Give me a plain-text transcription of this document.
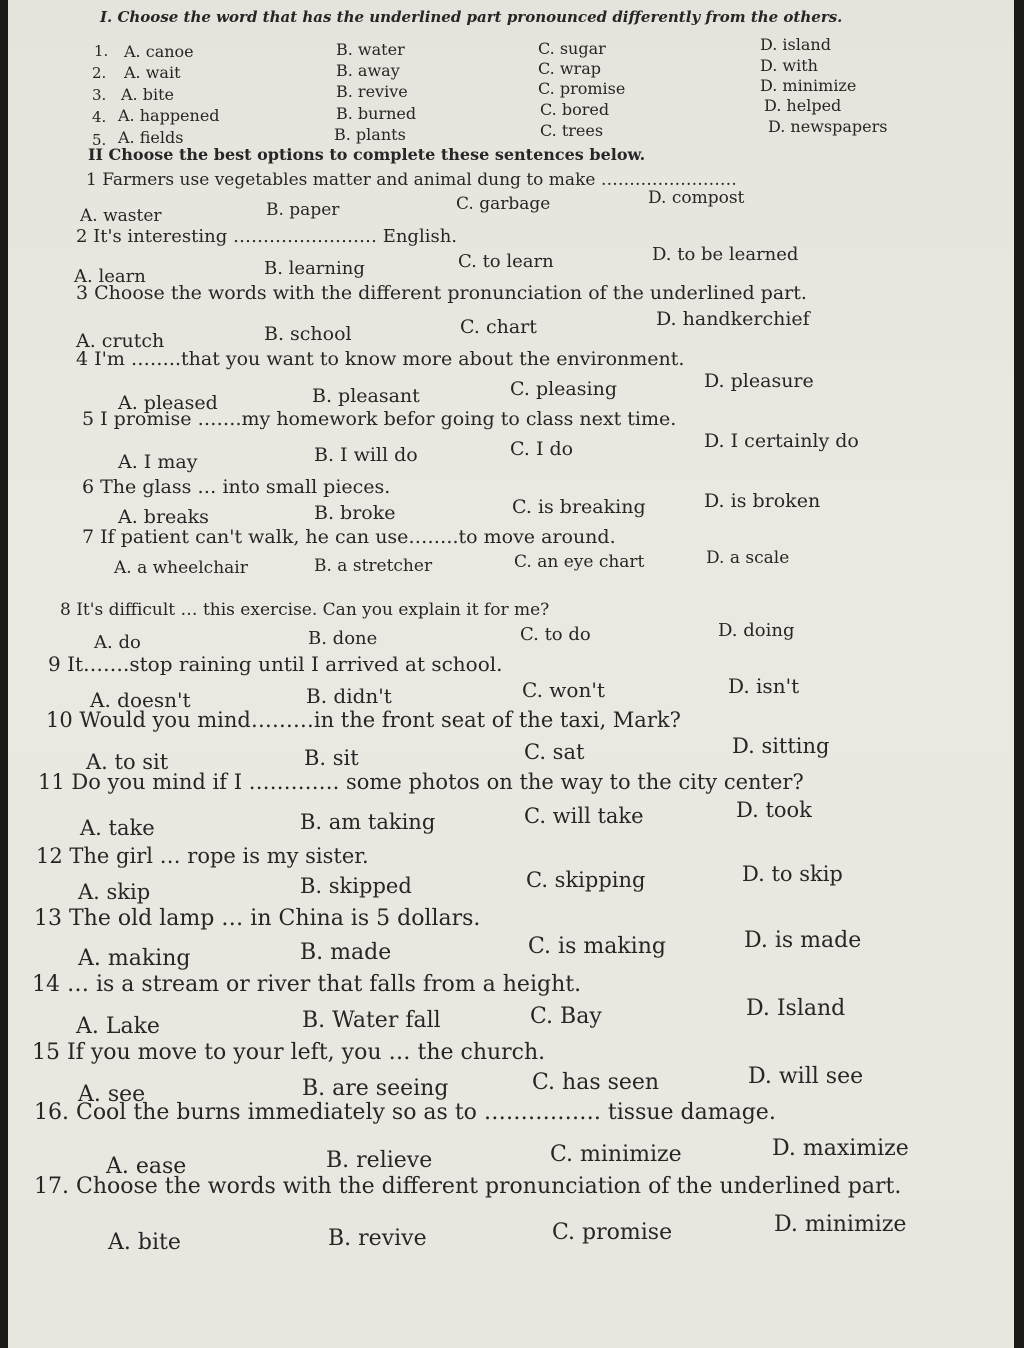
I. Choose the word that has the underlined part pronounced differently from the others.
1. A. canoe	B. water	C. sugar	D. island
2. A. wait	B. away	C. wrap	D. with
3. A. bite	B. revive	C. promise	D. minimize
4. A. happened	B. burned	C. bored	D. helped
5. A. fields	B. plants	C. trees	D. newspapers
II Choose the best options to complete these sentences below.
1 Farmers use vegetables matter and animal dung to make ……………………
A. waster	B. paper	C. garbage	D. compost
2 It's interesting …………………… English.
A. learn	B. learning	C. to learn	D. to be learned
3 Choose the words with the different pronunciation of the underlined part.
A. crutch	B. school	C. chart	D. handkerchief
4 I'm ……..that you want to know more about the environment.
A. pleased	B. pleasant	C. pleasing	D. pleasure
5 I promise …….my homework befor going to class next time.
A. I may	B. I will do	C. I do	D. I certainly do
6 The glass … into small pieces.
A. breaks	B. broke	C. is breaking	D. is broken
7 If patient can't walk, he can use……..to move around.
A. a wheelchair	B. a stretcher	C. an eye chart	D. a scale
8 It's difficult … this exercise. Can you explain it for me?
A. do	B. done	C. to do	D. doing
9 It…….stop raining until I arrived at school.
A. doesn't	B. didn't	C. won't	D. isn't
10 Would you mind………in the front seat of the taxi, Mark?
A. to sit	B. sit	C. sat	D. sitting
11 Do you mind if I …………. some photos on the way to the city center?
A. take	B. am taking	C. will take	D. took
12 The girl … rope is my sister.
A. skip	B. skipped	C. skipping	D. to skip
13 The old lamp … in China is 5 dollars.
A. making	B. made	C. is making	D. is made
14 … is a stream or river that falls from a height.
A. Lake	B. Water fall	C. Bay	D. Island
15 If you move to your left, you … the church.
A. see	B. are seeing	C. has seen	D. will see
16. Cool the burns immediately so as to ……………. tissue damage.
A. ease	B. relieve	C. minimize	D. maximize
17. Choose the words with the different pronunciation of the underlined part.
A. bite	B. revive	C. promise	D. minimize
